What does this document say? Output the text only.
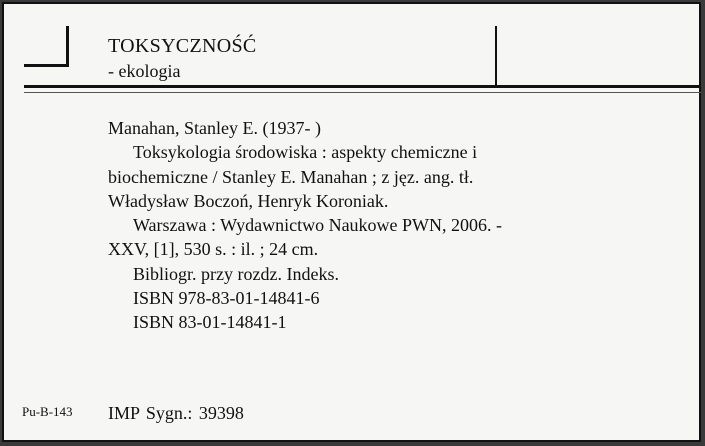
TOKSYCZNOŚĆ
- ekologia
Manahan, Stanley E. (1937- )
Toksykologia środowiska : aspekty chemiczne i
biochemiczne / Stanley E. Manahan ; z jęz. ang. tł.
Władysław Boczoń, Henryk Koroniak.
Warszawa : Wydawnictwo Naukowe PWN, 2006. -
XXV, [1], 530 s. : il. ; 24 cm.
Bibliogr. przy rozdz. Indeks.
ISBN 978-83-01-14841-6
ISBN 83-01-14841-1
Pu-B-143 IMP Sygn.: 39398
